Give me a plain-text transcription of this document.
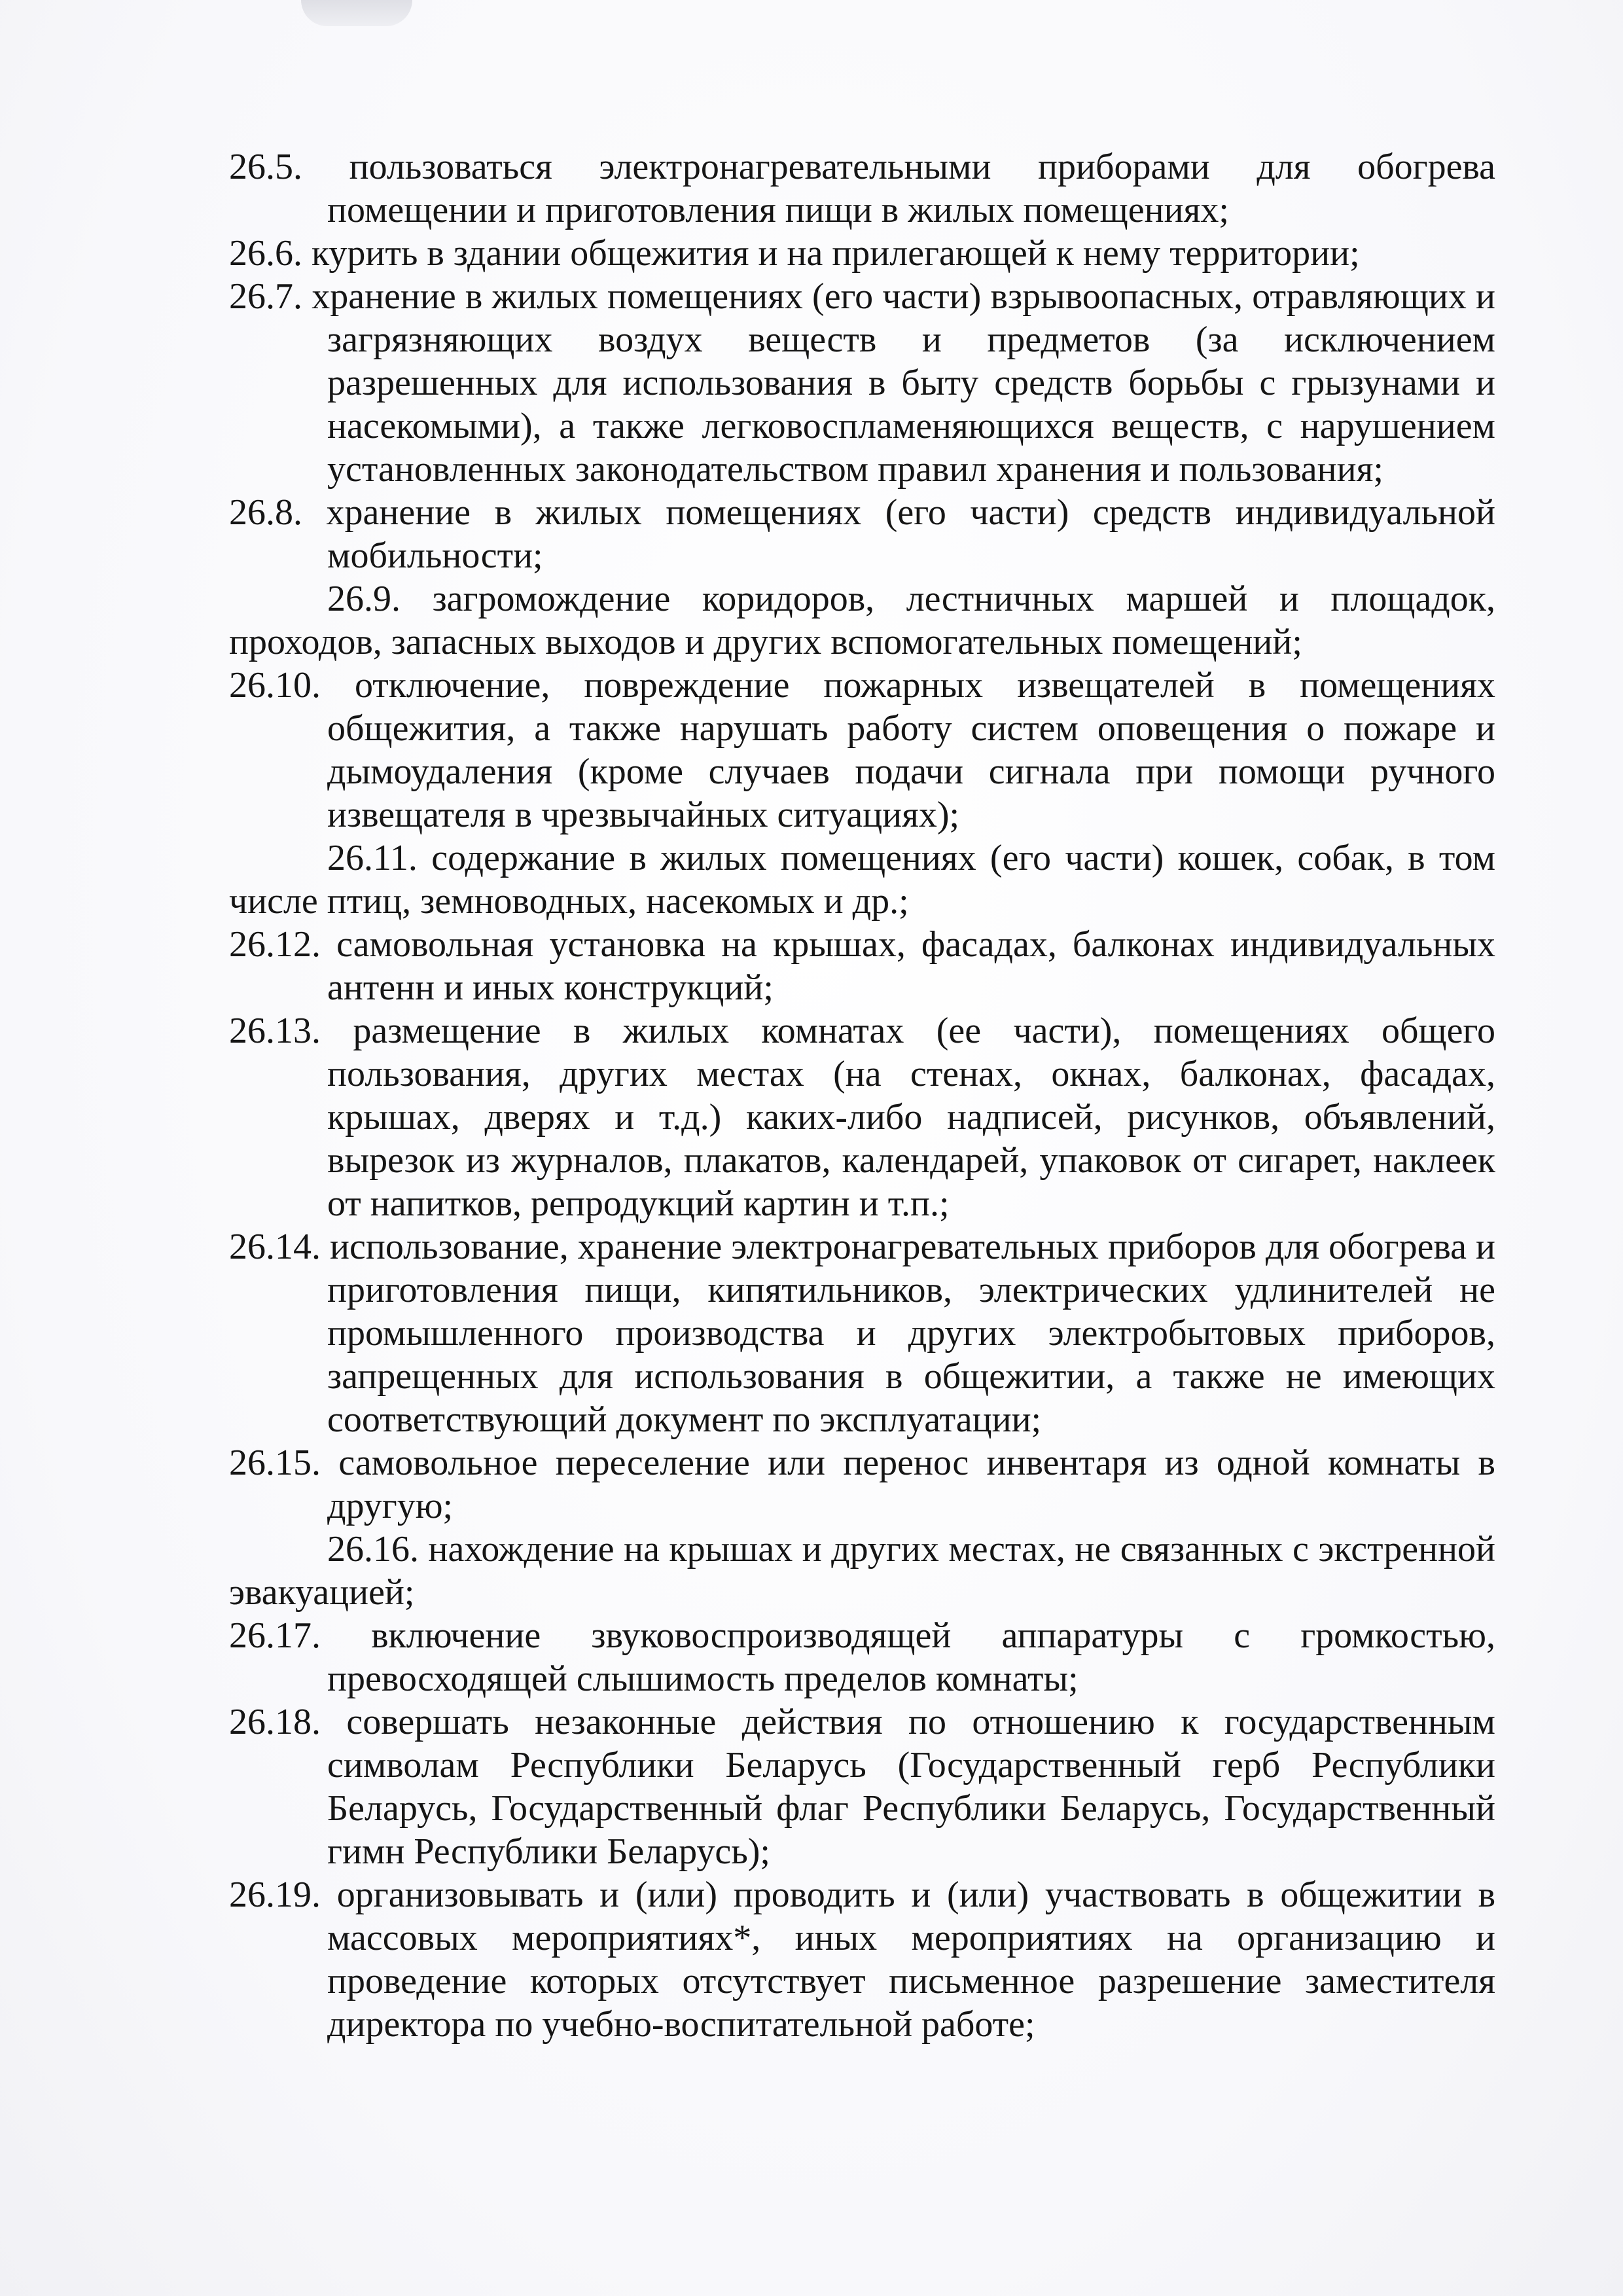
26.5. пользоваться электронагревательными приборами для обогрева помещении и приготовления пищи в жилых помещениях;

26.6. курить в здании общежития и на прилегающей к нему территории;

26.7. хранение в жилых помещениях (его части) взрывоопасных, отравляющих и загрязняющих воздух веществ и предметов (за исключением разрешенных для использования в быту средств борьбы с грызунами и насекомыми), а также легковоспламеняющихся веществ, с нарушением установленных законодательством правил хранения и пользования;

26.8. хранение в жилых помещениях (его части) средств индивидуальной мобильности;

26.9. загромождение коридоров, лестничных маршей и площадок, проходов, запасных выходов и других вспомогательных помещений;

26.10. отключение, повреждение пожарных извещателей в помещениях общежития, а также нарушать работу систем оповещения о пожаре и дымоудаления (кроме случаев подачи сигнала при помощи ручного извещателя в чрезвычайных ситуациях);

26.11. содержание в жилых помещениях (его части) кошек, собак, в том числе птиц, земноводных, насекомых и др.;

26.12. самовольная установка на крышах, фасадах, балконах индивидуальных антенн и иных конструкций;

26.13. размещение в жилых комнатах (ее части), помещениях общего пользования, других местах (на стенах, окнах, балконах, фасадах, крышах, дверях и т.д.) каких-либо надписей, рисунков, объявлений, вырезок из журналов, плакатов, календарей, упаковок от сигарет, наклеек от напитков, репродукций картин и т.п.;

26.14. использование, хранение электронагревательных приборов для обогрева и приготовления пищи, кипятильников, электрических удлинителей не промышленного производства и других электробытовых приборов, запрещенных для использования в общежитии, а также не имеющих соответствующий документ по эксплуатации;

26.15. самовольное переселение или перенос инвентаря из одной комнаты в другую;

26.16. нахождение на крышах и других местах, не связанных с экстренной эвакуацией;

26.17. включение звуковоспроизводящей аппаратуры с громкостью, превосходящей слышимость пределов комнаты;

26.18. совершать незаконные действия по отношению к государственным символам Республики Беларусь (Государственный герб Республики Беларусь, Государственный флаг Республики Беларусь, Государственный гимн Республики Беларусь);

26.19. организовывать и (или) проводить и (или) участвовать в общежитии в массовых мероприятиях*, иных мероприятиях на организацию и проведение которых отсутствует письменное разрешение заместителя директора по учебно-воспитательной работе;
